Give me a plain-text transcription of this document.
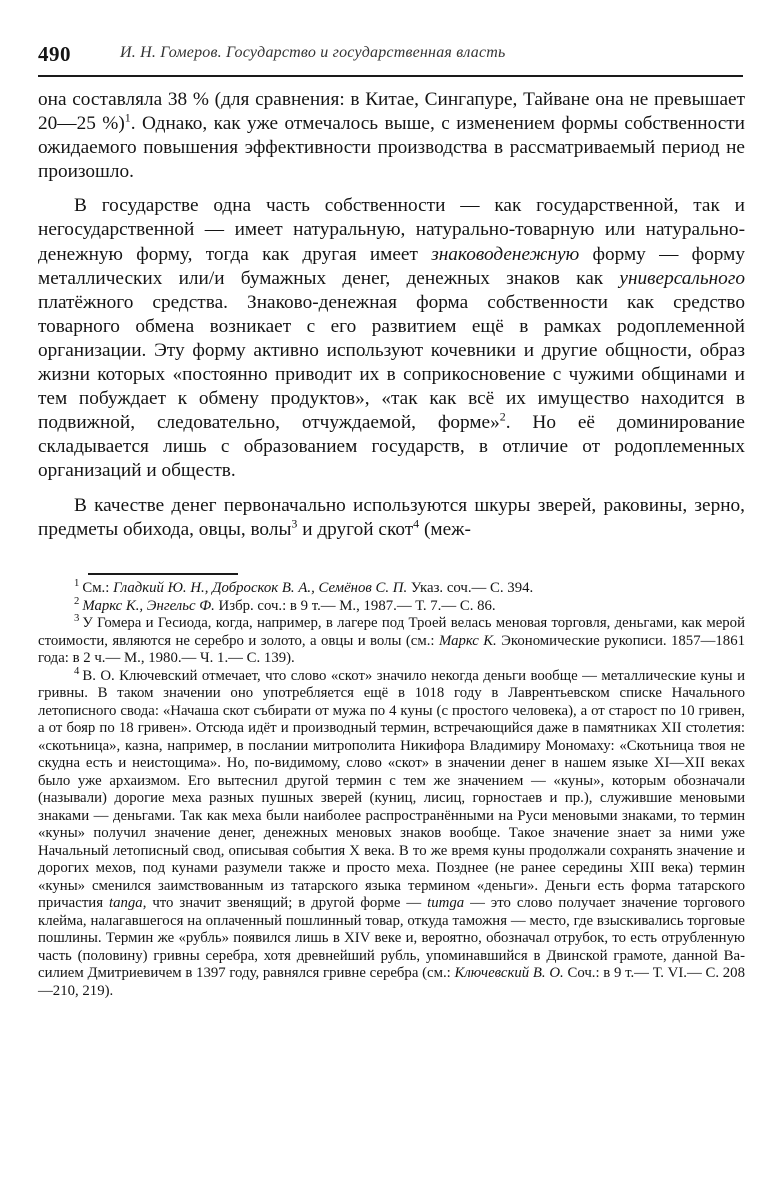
490	И. Н. Гомеров. Государство и государственная власть

она составляла 38 % (для сравнения: в Китае, Сингапуре, Тайване она не превышает 20—25 %)$^1$. Однако, как уже отмечалось выше, с изменением формы собственности ожидаемого повышения эффективности производства в рассматриваемый период не произошло.

В государстве одна часть собственности — как государственной, так и негосударственной — имеет натуральную, натурально-товарную или натурально-денежную форму, тогда как другая имеет знаководенежную форму — форму металлических или/и бумажных денег, денежных знаков как универсального платёжного средства. Знаково-денежная форма собственности как средство товарного обмена возникает с его развитием ещё в рамках родоплеменной организации. Эту форму активно используют кочевники и другие общности, образ жизни которых «постоянно приводит их в соприкосновение с чужими общинами и тем побуждает к обмену продуктов», «так как всё их имущество находится в подвижной, следовательно, отчуждаемой, форме»$^2$. Но её доминирование складывается лишь с образованием государств, в отличие от родоплеменных организаций и обществ.

В качестве денег первоначально используются шкуры зверей, раковины, зерно, предметы обихода, овцы, волы$^3$ и другой скот$^4$ (меж-

$^1$ См.: Гладкий Ю. Н., Доброскок В. А., Семёнов С. П. Указ. соч.— С. 394.

$^2$ Маркс К., Энгельс Ф. Избр. соч.: в 9 т.— М., 1987.— Т. 7.— С. 86.

$^3$ У Гомера и Гесиода, когда, например, в лагере под Троей велась меновая торговля, деньгами, как мерой стоимости, являются не серебро и золото, а овцы и волы (см.: Маркс К. Экономические рукописи. 1857—1861 года: в 2 ч.— М., 1980.— Ч. 1.— С. 139).

$^4$ В. О. Ключевский отмечает, что слово «скот» значило некогда деньги вообще — металлические куны и гривны. В таком значении оно употребляется ещё в 1018 году в Лаврентьевском списке Начального летописного свода: «Начаша скот събирати от мужа по 4 куны (с простого человека), а от старост по 10 гривен, а от бояр по 18 гривен». Отсюда идёт и производный термин, встречающийся даже в памятниках XII столетия: «скотьница», казна, например, в послании митрополита Никифора Владимиру Мономаху: «Скотьница твоя не скудна есть и неистощима». Но, по-видимому, слово «скот» в значении денег в нашем языке XI—XII веках было уже архаизмом. Его вытеснил другой термин с тем же значением — «куны», которым обозначали (называли) дорогие меха разных пушных зверей (куниц, лисиц, горностаев и пр.), служившие меновыми знаками — деньгами. Так как меха были наиболее распространёнными на Руси меновыми знаками, то термин «куны» получил значение денег, денежных меновых знаков вообще. Такое значение знает за ними уже Начальный летописный свод, описывая события X века. В то же время куны продолжали сохранять значение и дорогих мехов, под кунами разумели также и просто меха. Позднее (не ранее середины XIII века) термин «куны» сменился заимствованным из татарского языка термином «деньги». Деньги есть форма татарского причастия tanga, что значит звенящий; в другой форме — tumga — это слово получает значение торгового клейма, налагавшегося на оплаченный пошлинный товар, откуда таможня — место, где взыскивались торговые пошлины. Термин же «рубль» появился лишь в XIV веке и, вероятно, обозначал отрубок, то есть отрубленную часть (половину) гривны серебра, хотя древнейший рубль, упоминавшийся в Двинской грамоте, данной Василием Дмитриевичем в 1397 году, равнялся гривне серебра (см.: Ключевский В. О. Соч.: в 9 т.— Т. VI.— С. 208—210, 219).
